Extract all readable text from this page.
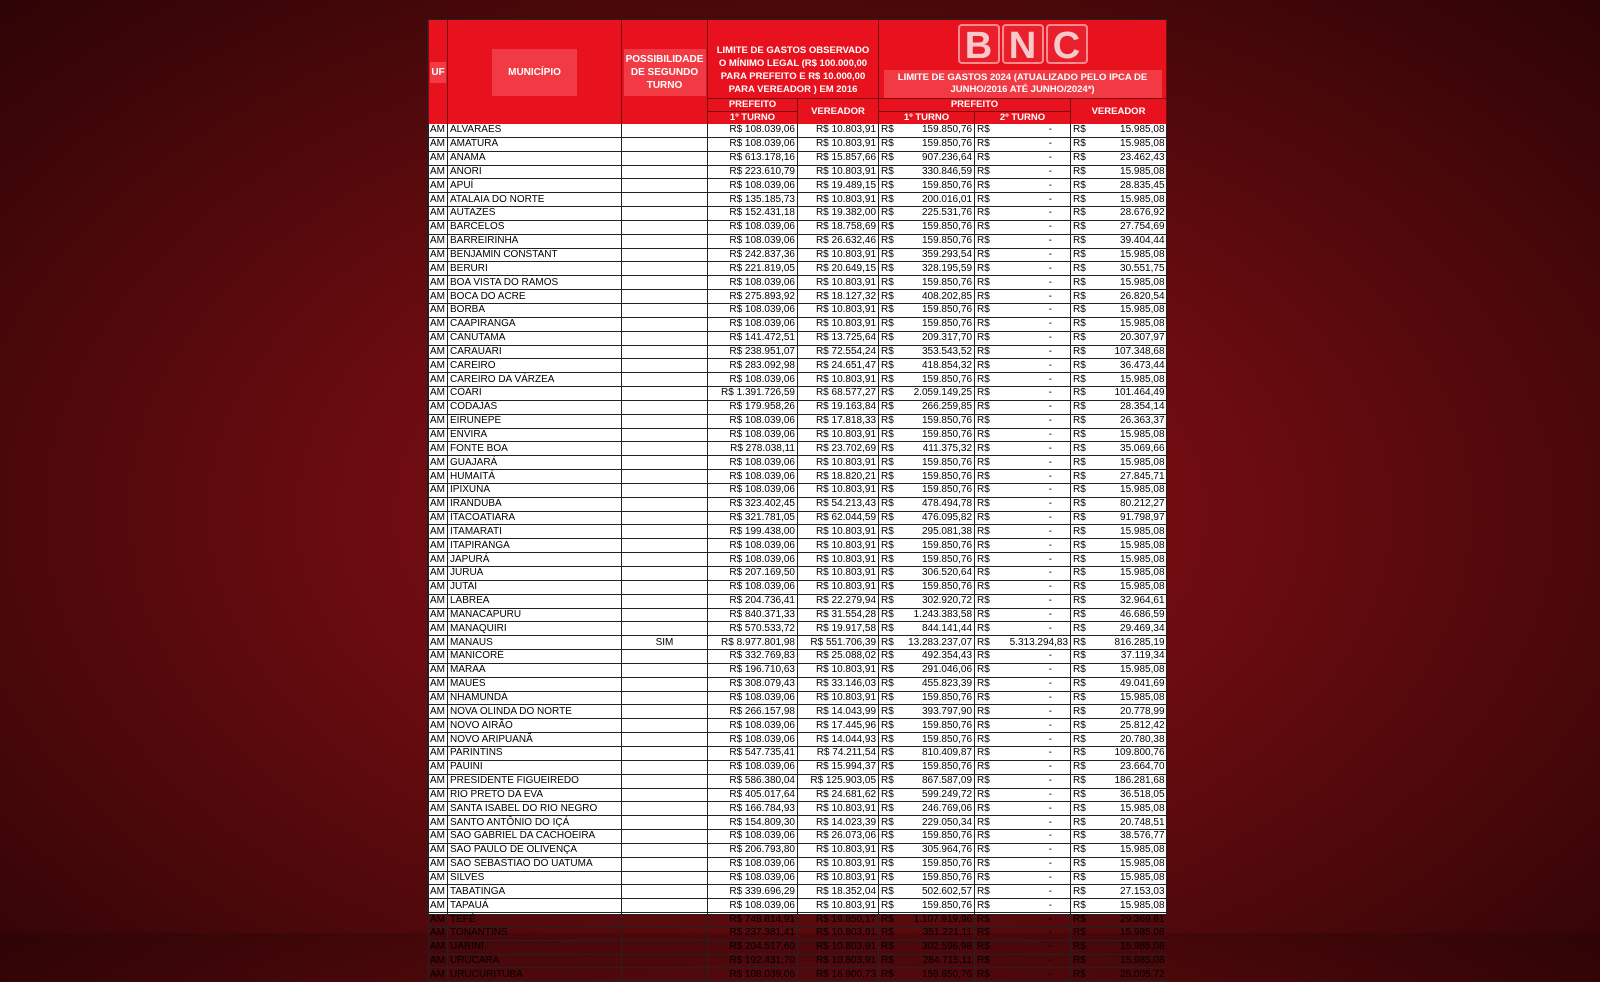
UF	MUNICÍPIO	POSSIBILIDADE DE SEGUNDO TURNO	LIMITE DE GASTOS OBSERVADO O MÍNIMO LEGAL (R$ 100.000,00 PARA PREFEITO E R$ 10.000,00 PARA VEREADOR ) EM 2016		B N C
LIMITE DE GASTOS 2024 (ATUALIZADO PELO IPCA DE JUNHO/2016 ATÉ JUNHO/2024*)					
			PREFEITO	VEREADOR	PREFEITO				VEREADOR	
			1º TURNO		1º TURNO		2º TURNO			
AM	ALVARÃES		R$ 108.039,06	R$ 10.803,91	R$	159.850,76	R$	-	R$	15.985,08
AM	AMATURÁ		R$ 108.039,06	R$ 10.803,91	R$	159.850,76	R$	-	R$	15.985,08
AM	ANAMÃ		R$ 613.178,16	R$ 15.857,66	R$	907.236,64	R$	-	R$	23.462,43
AM	ANORI		R$ 223.610,79	R$ 10.803,91	R$	330.846,59	R$	-	R$	15.985,08
AM	APUÍ		R$ 108.039,06	R$ 19.489,15	R$	159.850,76	R$	-	R$	28.835,45
AM	ATALAIA DO NORTE		R$ 135.185,73	R$ 10.803,91	R$	200.016,01	R$	-	R$	15.985,08
AM	AUTAZES		R$ 152.431,18	R$ 19.382,00	R$	225.531,76	R$	-	R$	28.676,92
AM	BARCELOS		R$ 108.039,06	R$ 18.758,69	R$	159.850,76	R$	-	R$	27.754,69
AM	BARREIRINHA		R$ 108.039,06	R$ 26.632,46	R$	159.850,76	R$	-	R$	39.404,44
AM	BENJAMIN CONSTANT		R$ 242.837,36	R$ 10.803,91	R$	359.293,54	R$	-	R$	15.985,08
AM	BERURI		R$ 221.819,05	R$ 20.649,15	R$	328.195,59	R$	-	R$	30.551,75
AM	BOA VISTA DO RAMOS		R$ 108.039,06	R$ 10.803,91	R$	159.850,76	R$	-	R$	15.985,08
AM	BOCA DO ACRE		R$ 275.893,92	R$ 18.127,32	R$	408.202,85	R$	-	R$	26.820,54
AM	BORBA		R$ 108.039,06	R$ 10.803,91	R$	159.850,76	R$	-	R$	15.985,08
AM	CAAPIRANGA		R$ 108.039,06	R$ 10.803,91	R$	159.850,76	R$	-	R$	15.985,08
AM	CANUTAMA		R$ 141.472,51	R$ 13.725,64	R$	209.317,70	R$	-	R$	20.307,97
AM	CARAUARI		R$ 238.951,07	R$ 72.554,24	R$	353.543,52	R$	-	R$	107.348,68
AM	CAREIRO		R$ 283.092,98	R$ 24.651,47	R$	418.854,32	R$	-	R$	36.473,44
AM	CAREIRO DA VÁRZEA		R$ 108.039,06	R$ 10.803,91	R$	159.850,76	R$	-	R$	15.985,08
AM	COARI		R$ 1.391.726,59	R$ 68.577,27	R$	2.059.149,25	R$	-	R$	101.464,49
AM	CODAJÁS		R$ 179.958,26	R$ 19.163,84	R$	266.259,85	R$	-	R$	28.354,14
AM	EIRUNEPÉ		R$ 108.039,06	R$ 17.818,33	R$	159.850,76	R$	-	R$	26.363,37
AM	ENVIRA		R$ 108.039,06	R$ 10.803,91	R$	159.850,76	R$	-	R$	15.985,08
AM	FONTE BOA		R$ 278.038,11	R$ 23.702,69	R$	411.375,32	R$	-	R$	35.069,66
AM	GUAJARÁ		R$ 108.039,06	R$ 10.803,91	R$	159.850,76	R$	-	R$	15.985,08
AM	HUMAITÁ		R$ 108.039,06	R$ 18.820,21	R$	159.850,76	R$	-	R$	27.845,71
AM	IPIXUNA		R$ 108.039,06	R$ 10.803,91	R$	159.850,76	R$	-	R$	15.985,08
AM	IRANDUBA		R$ 323.402,45	R$ 54.213,43	R$	478.494,78	R$	-	R$	80.212,27
AM	ITACOATIARA		R$ 321.781,05	R$ 62.044,59	R$	476.095,82	R$	-	R$	91.798,97
AM	ITAMARATI		R$ 199.438,00	R$ 10.803,91	R$	295.081,38	R$	-	R$	15.985,08
AM	ITAPIRANGA		R$ 108.039,06	R$ 10.803,91	R$	159.850,76	R$	-	R$	15.985,08
AM	JAPURÁ		R$ 108.039,06	R$ 10.803,91	R$	159.850,76	R$	-	R$	15.985,08
AM	JURUÁ		R$ 207.169,50	R$ 10.803,91	R$	306.520,64	R$	-	R$	15.985,08
AM	JUTAÍ		R$ 108.039,06	R$ 10.803,91	R$	159.850,76	R$	-	R$	15.985,08
AM	LÁBREA		R$ 204.736,41	R$ 22.279,94	R$	302.920,72	R$	-	R$	32.964,61
AM	MANACAPURU		R$ 840.371,33	R$ 31.554,28	R$	1.243.383,58	R$	-	R$	46.686,59
AM	MANAQUIRI		R$ 570.533,72	R$ 19.917,58	R$	844.141,44	R$	-	R$	29.469,34
AM	MANAUS	SIM	R$ 8.977.801,98	R$ 551.706,39	R$	13.283.237,07	R$	5.313.294,83	R$	816.285,19
AM	MANICORÉ		R$ 332.769,83	R$ 25.088,02	R$	492.354,43	R$	-	R$	37.119,34
AM	MARAÃ		R$ 196.710,63	R$ 10.803,91	R$	291.046,06	R$	-	R$	15.985,08
AM	MAUÉS		R$ 308.079,43	R$ 33.146,03	R$	455.823,39	R$	-	R$	49.041,69
AM	NHAMUNDÁ		R$ 108.039,06	R$ 10.803,91	R$	159.850,76	R$	-	R$	15.985,08
AM	NOVA OLINDA DO NORTE		R$ 266.157,98	R$ 14.043,99	R$	393.797,90	R$	-	R$	20.778,99
AM	NOVO AIRÃO		R$ 108.039,06	R$ 17.445,96	R$	159.850,76	R$	-	R$	25.812,42
AM	NOVO ARIPUANÃ		R$ 108.039,06	R$ 14.044,93	R$	159.850,76	R$	-	R$	20.780,38
AM	PARINTINS		R$ 547.735,41	R$ 74.211,54	R$	810.409,87	R$	-	R$	109.800,76
AM	PAUINI		R$ 108.039,06	R$ 15.994,37	R$	159.850,76	R$	-	R$	23.664,70
AM	PRESIDENTE FIGUEIREDO		R$ 586.380,04	R$ 125.903,05	R$	867.587,09	R$	-	R$	186.281,68
AM	RIO PRETO DA EVA		R$ 405.017,64	R$ 24.681,62	R$	599.249,72	R$	-	R$	36.518,05
AM	SANTA ISABEL DO RIO NEGRO		R$ 166.784,93	R$ 10.803,91	R$	246.769,06	R$	-	R$	15.985,08
AM	SANTO ANTÔNIO DO IÇÁ		R$ 154.809,30	R$ 14.023,39	R$	229.050,34	R$	-	R$	20.748,51
AM	SÃO GABRIEL DA CACHOEIRA		R$ 108.039,06	R$ 26.073,06	R$	159.850,76	R$	-	R$	38.576,77
AM	SÃO PAULO DE OLIVENÇA		R$ 206.793,80	R$ 10.803,91	R$	305.964,76	R$	-	R$	15.985,08
AM	SÃO SEBASTIÃO DO UATUMÃ		R$ 108.039,06	R$ 10.803,91	R$	159.850,76	R$	-	R$	15.985,08
AM	SILVES		R$ 108.039,06	R$ 10.803,91	R$	159.850,76	R$	-	R$	15.985,08
AM	TABATINGA		R$ 339.696,29	R$ 18.352,04	R$	502.602,57	R$	-	R$	27.153,03
AM	TAPAUÁ		R$ 108.039,06	R$ 10.803,91	R$	159.850,76	R$	-	R$	15.985,08
AM	TEFÉ		R$ 748.814,91	R$ 19.850,17	R$	1.107.919,96	R$	-	R$	29.369,61
AM	TONANTINS		R$ 237.381,41	R$ 10.803,91	R$	351.221,11	R$	-	R$	15.985,08
AM	UARINI		R$ 204.517,60	R$ 10.803,91	R$	302.596,98	R$	-	R$	15.985,08
AM	URUCARÁ		R$ 192.431,70	R$ 10.803,91	R$	284.715,11	R$	-	R$	15.985,08
AM	URUCURITUBA		R$ 108.039,06	R$ 16.900,73	R$	159.850,76	R$	-	R$	25.005,72
